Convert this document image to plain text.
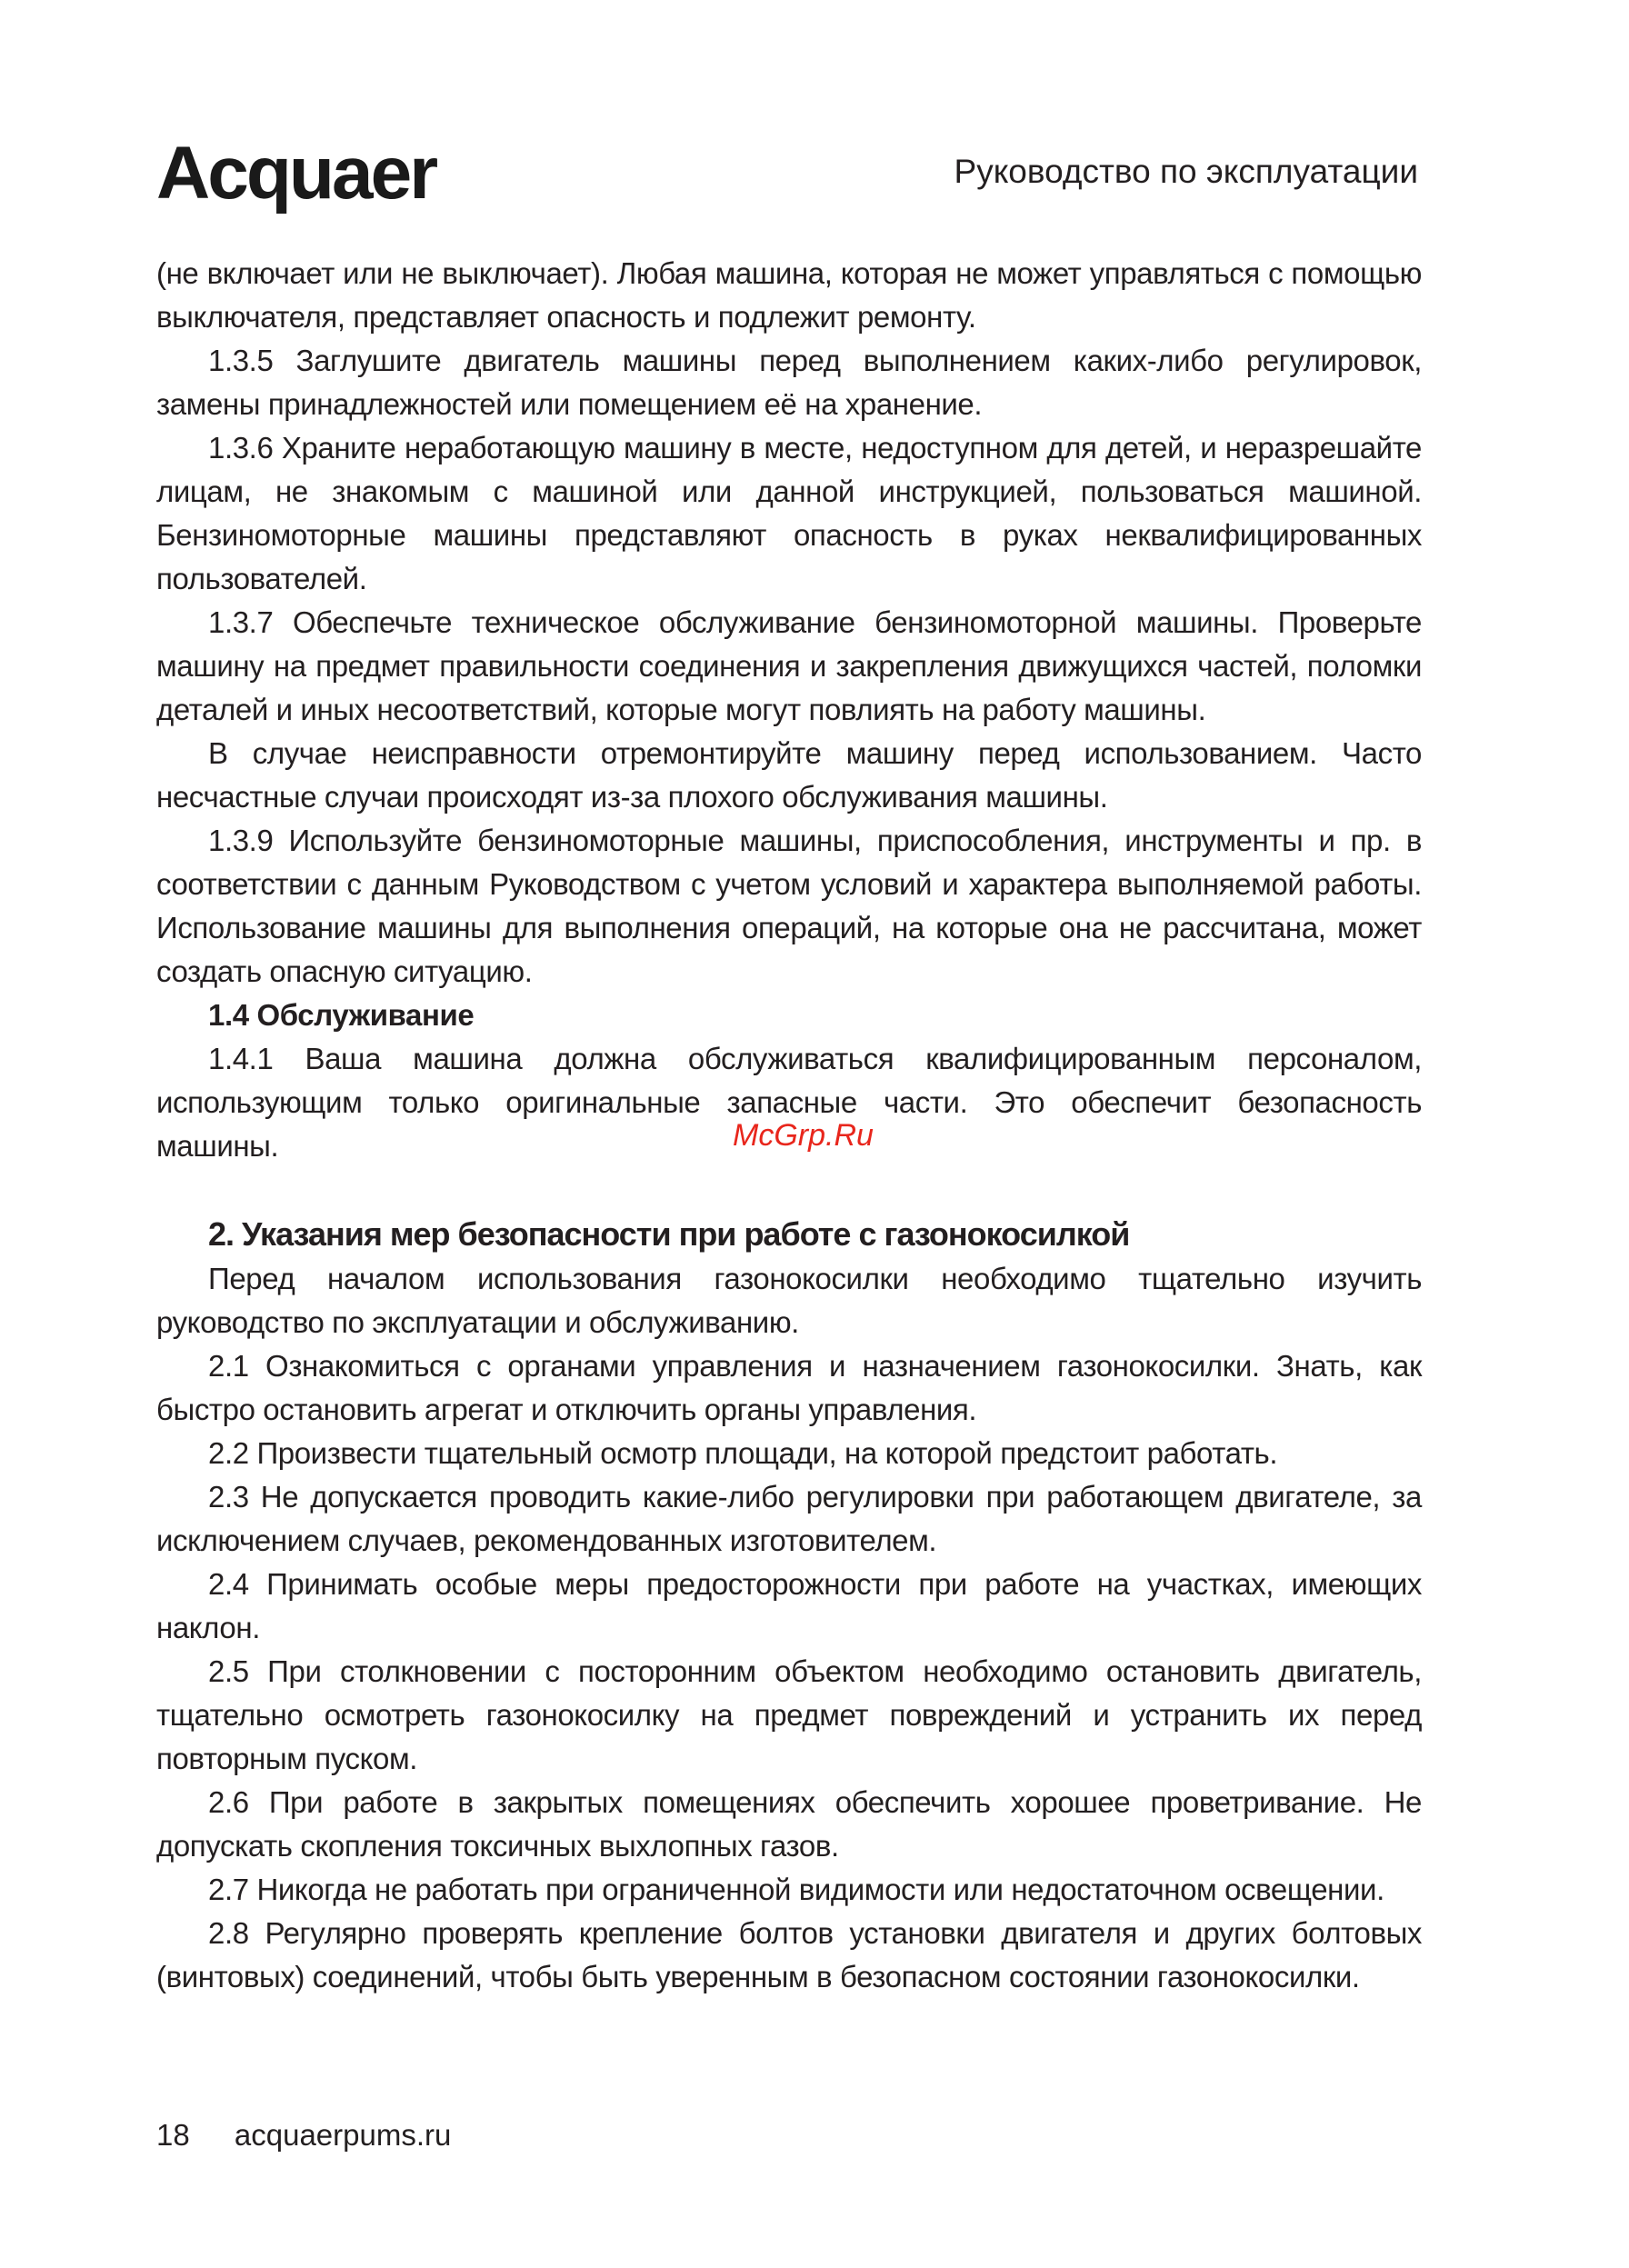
Acquaer	Руководство по эксплуатации

(не включает или не выключает). Любая машина, которая не может управляться с помощью выключателя, представляет опасность и подлежит ремонту.

1.3.5 Заглушите двигатель машины перед выполнением каких-либо регулировок, замены принадлежностей или помещением её на хранение.

1.3.6 Храните неработающую машину в месте, недоступном для детей, и неразрешайте лицам, не знакомым с машиной или данной инструкцией, пользоваться машиной. Бензиномоторные машины представляют опасность в руках неквалифицированных пользователей.

1.3.7 Обеспечьте техническое обслуживание бензиномоторной машины. Проверьте машину на предмет правильности соединения и закрепления движущихся частей, поломки деталей и иных несоответствий, которые могут повлиять на работу машины.

В случае неисправности отремонтируйте машину перед использованием. Часто несчастные случаи происходят из-за плохого обслуживания машины.

1.3.9 Используйте бензиномоторные машины, приспособления, инструменты и пр. в соответствии с данным Руководством с учетом условий и характера выполняемой работы. Использование машины для выполнения операций, на которые она не рассчитана, может создать опасную ситуацию.

1.4 Обслуживание

1.4.1 Ваша машина должна обслуживаться квалифицированным персоналом, использующим только оригинальные запасные части. Это обеспечит безопасность машины.

2. Указания мер безопасности при работе с газонокосилкой

Перед началом использования газонокосилки необходимо тщательно изучить руководство по эксплуатации и обслуживанию.

2.1 Ознакомиться с органами управления и назначением газонокосилки. Знать, как быстро остановить агрегат и отключить органы управления.

2.2 Произвести тщательный осмотр площади, на которой предстоит работать.

2.3 Не допускается проводить какие-либо регулировки при работающем двигателе, за исключением случаев, рекомендованных изготовителем.

2.4 Принимать особые меры предосторожности при работе на участках, имеющих наклон.

2.5 При столкновении с посторонним объектом необходимо остановить двигатель, тщательно осмотреть газонокосилку на предмет повреждений и устранить их перед повторным пуском.

2.6 При работе в закрытых помещениях обеспечить хорошее проветривание. Не допускать скопления токсичных выхлопных газов.

2.7 Никогда не работать при ограниченной видимости или недостаточном освещении.

2.8 Регулярно проверять крепление болтов установки двигателя и других болтовых (винтовых) соединений, чтобы быть уверенным в безопасном состоянии газонокосилки.

McGrp.Ru
18 acquaerpums.ru
